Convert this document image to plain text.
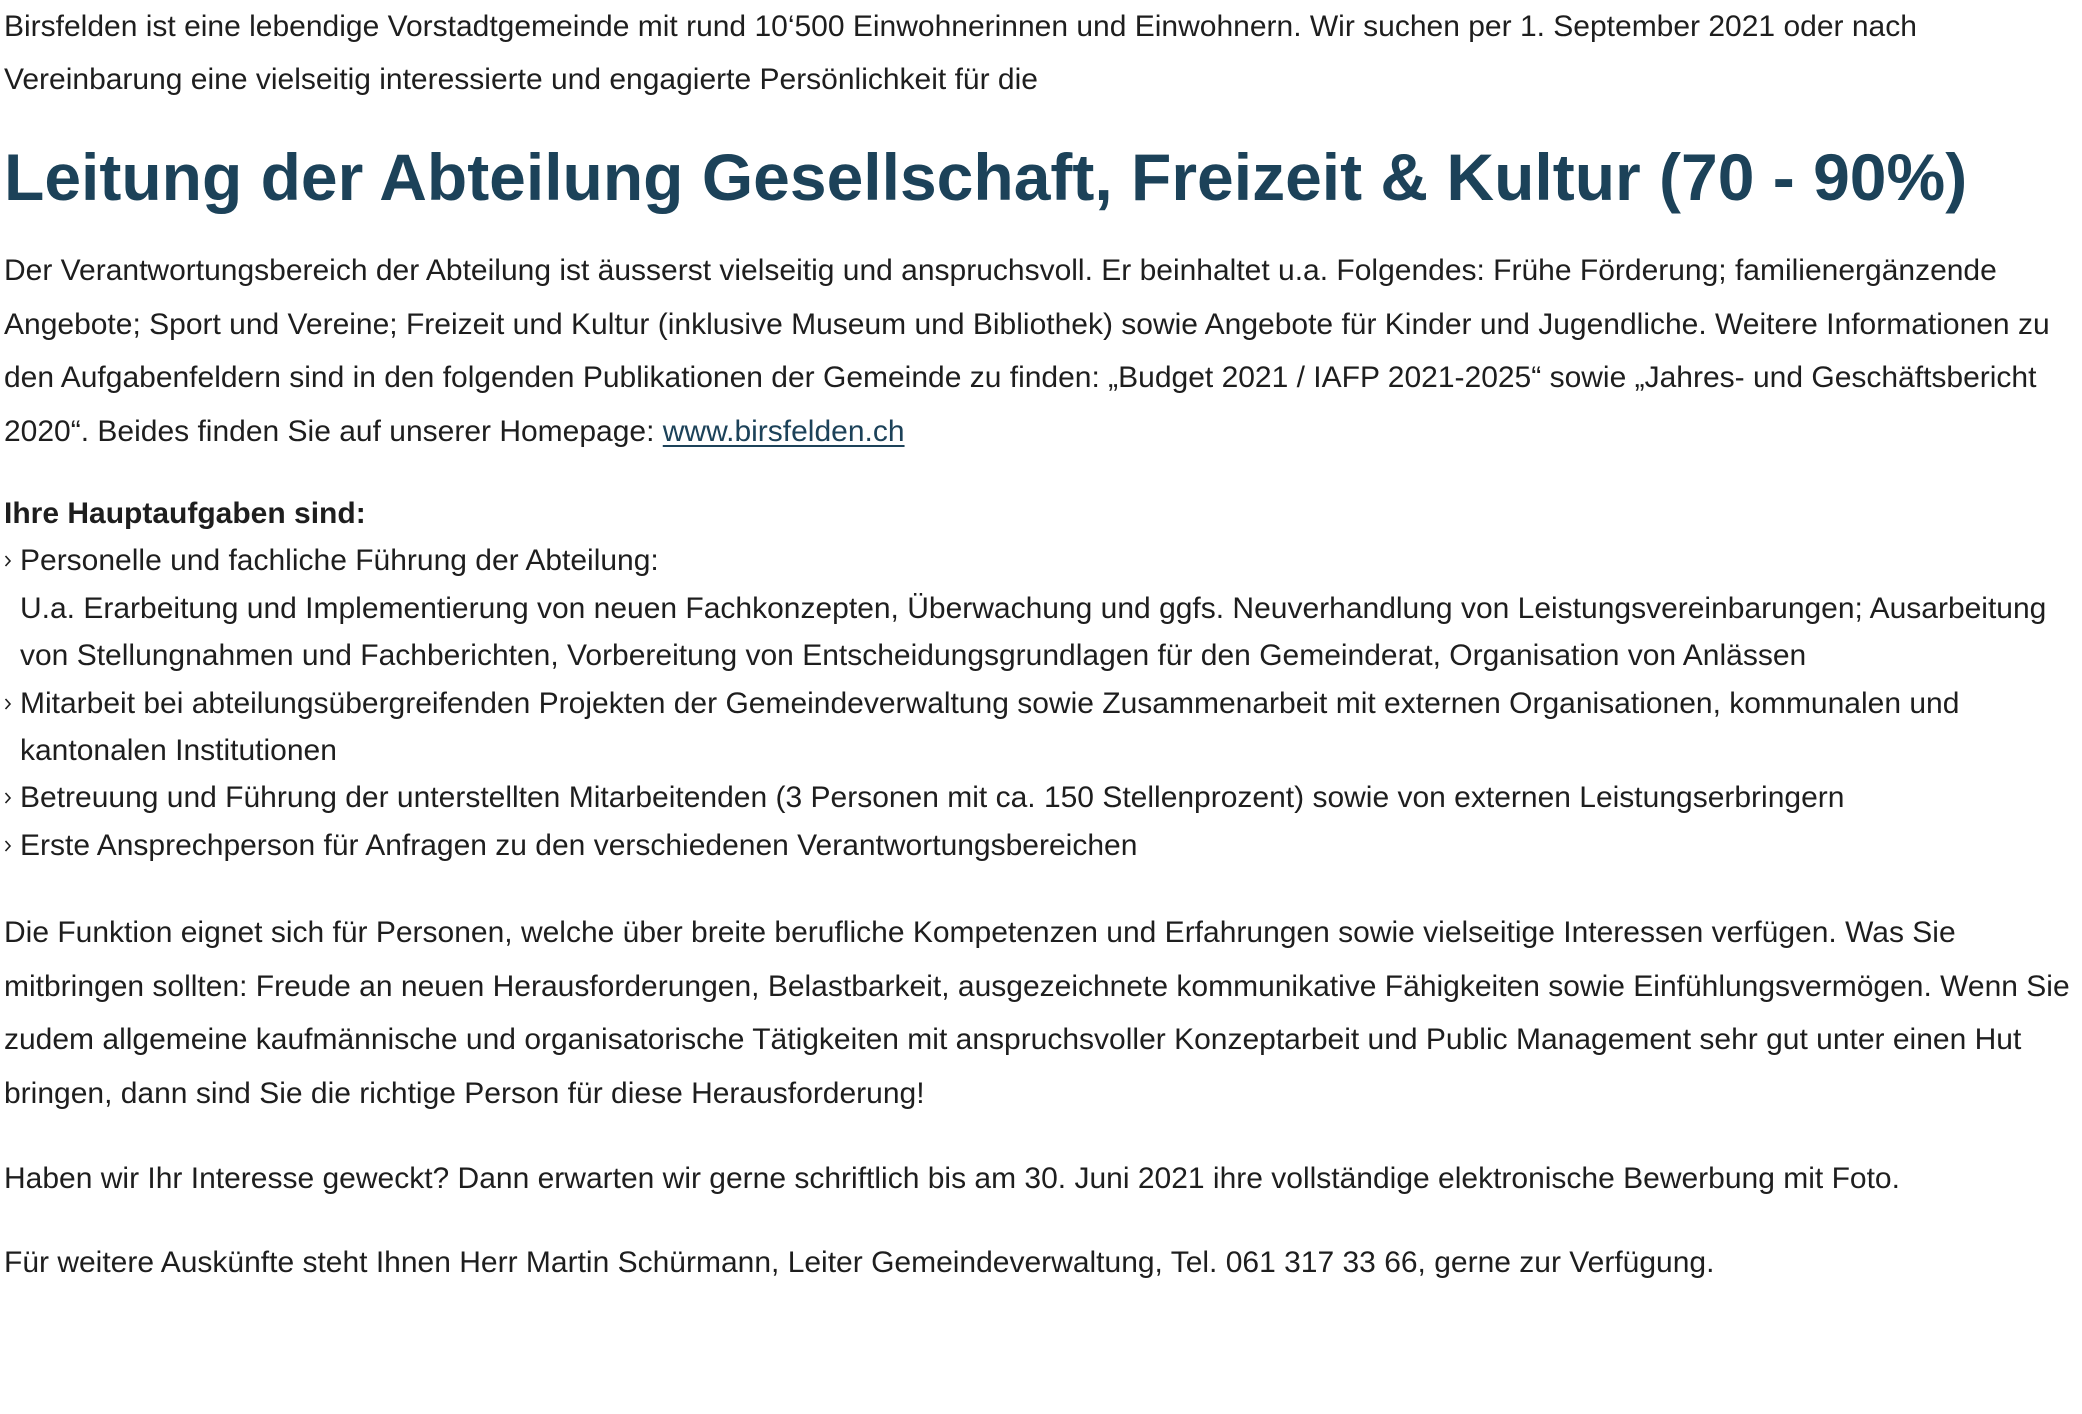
Birsfelden ist eine lebendige Vorstadtgemeinde mit rund 10‘500 Einwohnerinnen und Einwohnern. Wir suchen per 1. September 2021 oder nach Vereinbarung eine vielseitig interessierte und engagierte Persönlichkeit für die

Leitung der Abteilung Gesellschaft, Freizeit & Kultur (70 - 90%)

Der Verantwortungsbereich der Abteilung ist äusserst vielseitig und anspruchsvoll. Er beinhaltet u.a. Folgendes: Frühe Förderung; familienergänzende Angebote; Sport und Vereine; Freizeit und Kultur (inklusive Museum und Bibliothek) sowie Angebote für Kinder und Jugendliche. Weitere Informationen zu den Aufgabenfeldern sind in den folgenden Publikationen der Gemeinde zu finden: „Budget 2021 / IAFP 2021-2025“ sowie „Jahres- und Geschäftsbericht 2020“. Beides finden Sie auf unserer Homepage: www.birsfelden.ch

Ihre Hauptaufgaben sind:
Personelle und fachliche Führung der Abteilung:
U.a. Erarbeitung und Implementierung von neuen Fachkonzepten, Überwachung und ggfs. Neuverhandlung von Leistungsvereinbarungen; Ausarbeitung von Stellungnahmen und Fachberichten, Vorbereitung von Entscheidungsgrundlagen für den Gemeinderat, Organisation von Anlässen
Mitarbeit bei abteilungsübergreifenden Projekten der Gemeindeverwaltung sowie Zusammenarbeit mit externen Organisationen, kommunalen und kantonalen Institutionen
Betreuung und Führung der unterstellten Mitarbeitenden (3 Personen mit ca. 150 Stellenprozent) sowie von externen Leistungserbringern
Erste Ansprechperson für Anfragen zu den verschiedenen Verantwortungsbereichen

Die Funktion eignet sich für Personen, welche über breite berufliche Kompetenzen und Erfahrungen sowie vielseitige Interessen verfügen. Was Sie mitbringen sollten: Freude an neuen Herausforderungen, Belastbarkeit, ausgezeichnete kommunikative Fähigkeiten sowie Einfühlungsvermögen. Wenn Sie zudem allgemeine kaufmännische und organisatorische Tätigkeiten mit anspruchsvoller Konzeptarbeit und Public Management sehr gut unter einen Hut bringen, dann sind Sie die richtige Person für diese Herausforderung!

Haben wir Ihr Interesse geweckt? Dann erwarten wir gerne schriftlich bis am 30. Juni 2021 ihre vollständige elektronische Bewerbung mit Foto.

Für weitere Auskünfte steht Ihnen Herr Martin Schürmann, Leiter Gemeindeverwaltung, Tel. 061 317 33 66, gerne zur Verfügung.
